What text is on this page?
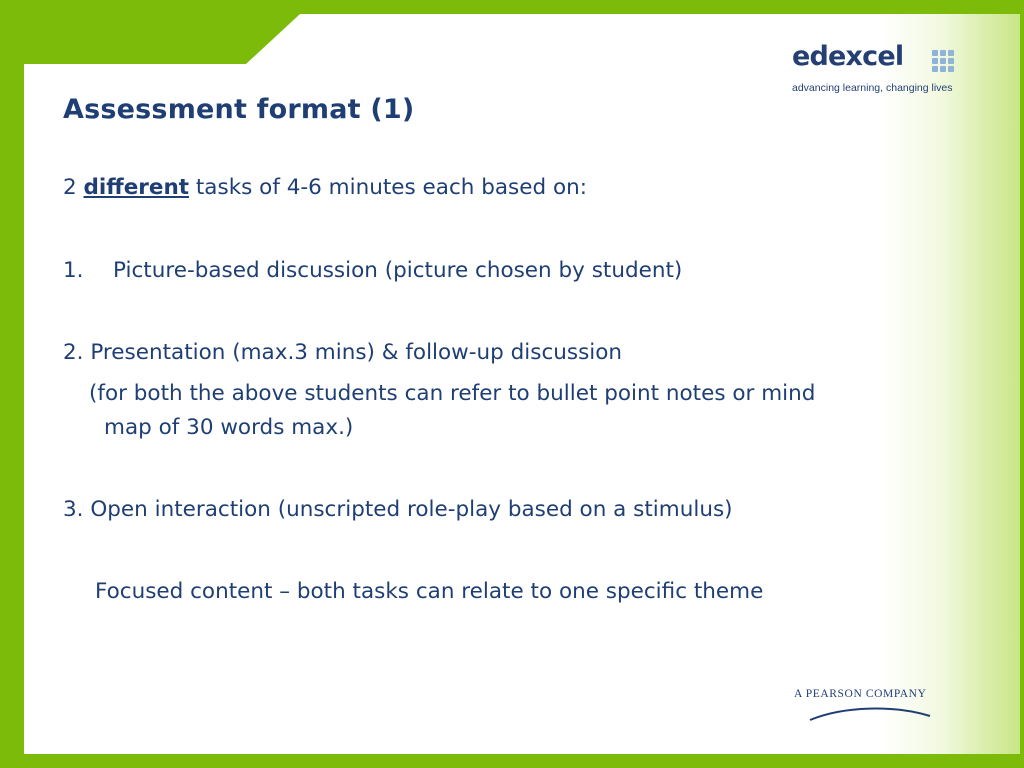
edexcel
advancing learning, changing lives
Assessment format (1)
2 different tasks of 4-6 minutes each based on:
1. Picture-based discussion (picture chosen by student)
2. Presentation (max.3 mins) & follow-up discussion
(for both the above students can refer to bullet point notes or mind
map of 30 words max.)
3. Open interaction (unscripted role-play based on a stimulus)
Focused content – both tasks can relate to one specific theme
A PEARSON COMPANY
